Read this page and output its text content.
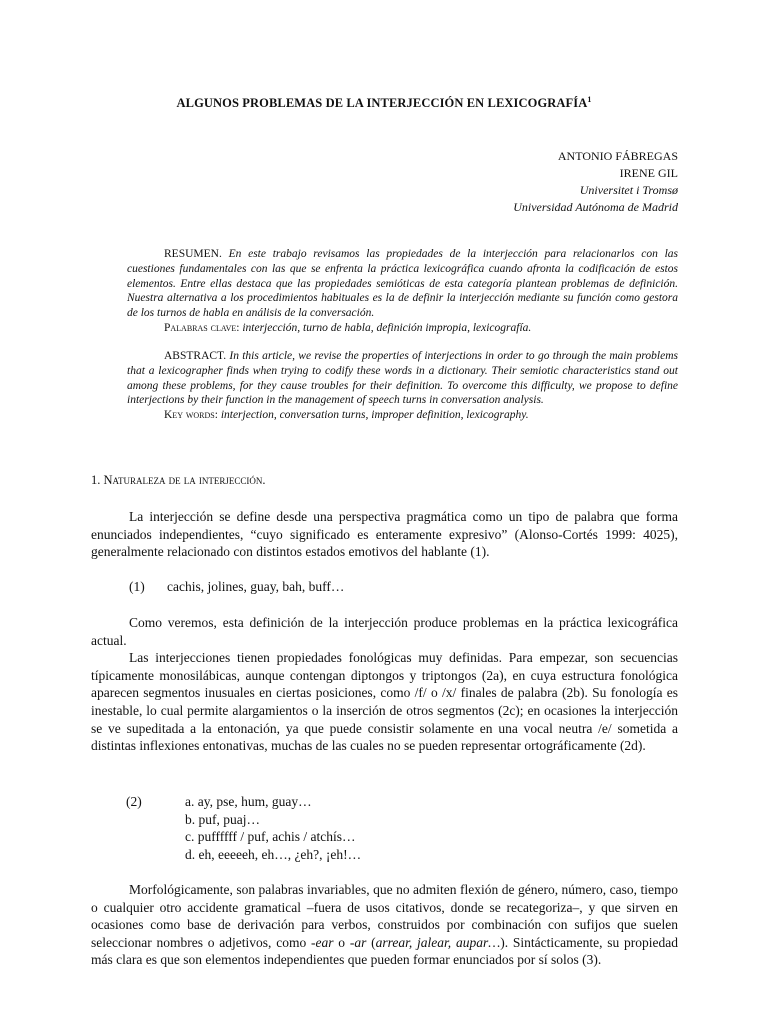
ALGUNOS PROBLEMAS DE LA INTERJECCIÓN EN LEXICOGRAFÍA$^1$
ANTONIO FÁBREGAS
IRENE GIL
Universitet i Tromsø
Universidad Autónoma de Madrid

RESUMEN. En este trabajo revisamos las propiedades de la interjección para relacionarlos con las cuestiones fundamentales con las que se enfrenta la práctica lexicográfica cuando afronta la codificación de estos elementos. Entre ellas destaca que las propiedades semióticas de esta categoría plantean problemas de definición. Nuestra alternativa a los procedimientos habituales es la de definir la interjección mediante su función como gestora de los turnos de habla en análisis de la conversación.

Palabras clave: interjección, turno de habla, definición impropia, lexicografía.

ABSTRACT. In this article, we revise the properties of interjections in order to go through the main problems that a lexicographer finds when trying to codify these words in a dictionary. Their semiotic characteristics stand out among these problems, for they cause troubles for their definition. To overcome this difficulty, we propose to define interjections by their function in the management of speech turns in conversation analysis.

Key words: interjection, conversation turns, improper definition, lexicography.

1. Naturaleza de la interjección.

La interjección se define desde una perspectiva pragmática como un tipo de palabra que forma enunciados independientes, “cuyo significado es enteramente expresivo” (Alonso-Cortés 1999: 4025), generalmente relacionado con distintos estados emotivos del hablante (1).

(1)	cachis, jolines, guay, bah, buff…

Como veremos, esta definición de la interjección produce problemas en la práctica lexicográfica actual.

Las interjecciones tienen propiedades fonológicas muy definidas. Para empezar, son secuencias típicamente monosilábicas, aunque contengan diptongos y triptongos (2a), en cuya estructura fonológica aparecen segmentos inusuales en ciertas posiciones, como /f/ o /x/ finales de palabra (2b). Su fonología es inestable, lo cual permite alargamientos o la inserción de otros segmentos (2c); en ocasiones la interjección se ve supeditada a la entonación, ya que puede consistir solamente en una vocal neutra /e/ sometida a distintas inflexiones entonativas, muchas de las cuales no se pueden representar ortográficamente (2d).

(2)	a. ay, pse, hum, guay…
b. puf, puaj…
c. puffffff / puf, achis / atchís…
d. eh, eeeeeh, eh…, ¿eh?, ¡eh!…

Morfológicamente, son palabras invariables, que no admiten flexión de género, número, caso, tiempo o cualquier otro accidente gramatical –fuera de usos citativos, donde se recategoriza–, y que sirven en ocasiones como base de derivación para verbos, construidos por combinación con sufijos que suelen seleccionar nombres o adjetivos, como -ear o -ar (arrear, jalear, aupar…). Sintácticamente, su propiedad más clara es que son elementos independientes que pueden formar enunciados por sí solos (3).
